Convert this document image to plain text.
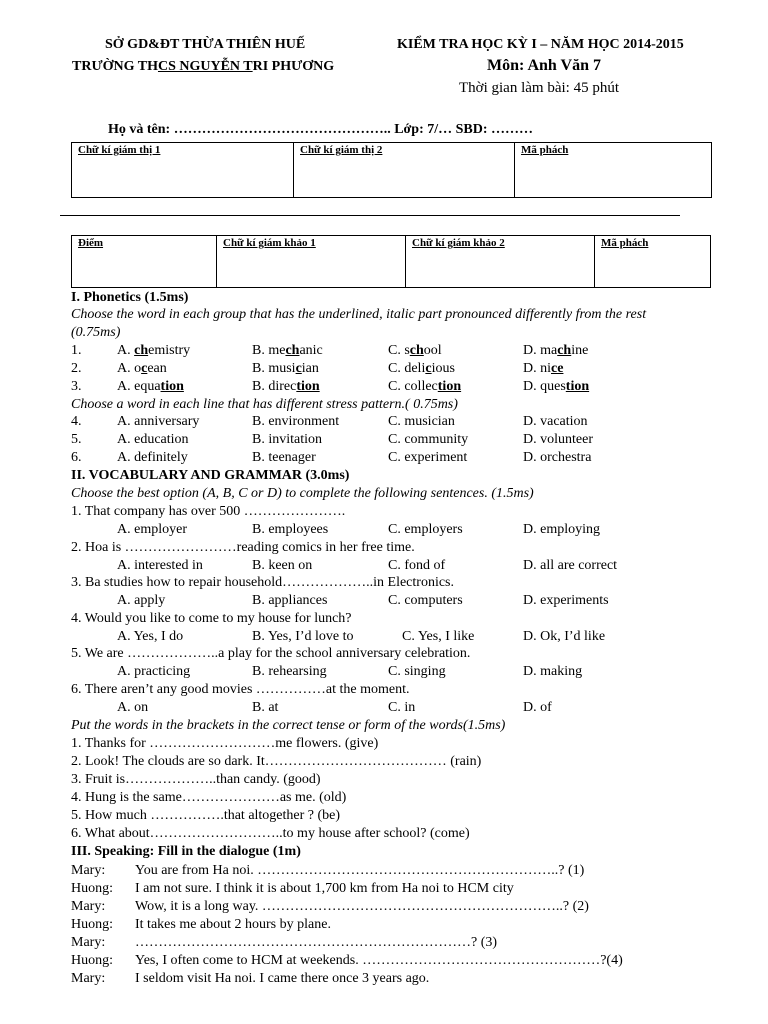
SỞ GD&ĐT THỪA THIÊN HUẾ
TRƯỜNG THCS NGUYỄN TRI PHƯƠNG
KIỂM TRA HỌC KỲ I – NĂM HỌC 2014-2015
Môn: Anh Văn 7
Thời gian làm bài: 45 phút
Họ và tên: ……………………………………….. Lớp: 7/… SBD: ………
Chữ kí giám thị 1	Chữ kí giám thị 2	Mã phách
Điểm	Chữ kí giám khảo 1	Chữ kí giám khảo 2	Mã phách
I. Phonetics (1.5ms)
Choose the word in each group that has the underlined, italic part pronounced differently from the rest
(0.75ms)
1.	A. chemistry	B. mechanic	C. school	D. machine
2.	A. ocean	B. musician	C. delicious	D. nice
3.	A. equation	B. direction	C. collection	D. question
Choose a word in each line that has different stress pattern.( 0.75ms)
4.	A. anniversary	B. environment	C. musician	D. vacation
5.	A. education	B. invitation	C. community	D. volunteer
6.	A. definitely	B. teenager	C. experiment	D. orchestra
II. VOCABULARY AND GRAMMAR (3.0ms)
Choose the best option (A, B, C or D) to complete the following sentences. (1.5ms)
1. That company has over 500 ………………….
A. employer	B. employees	C. employers	D. employing
2. Hoa is ……………………reading comics in her free time.
A. interested in	B. keen on	C. fond of	D. all are correct
3. Ba studies how to repair household………………..in Electronics.
A. apply	B. appliances	C. computers	D. experiments
4. Would you like to come to my house for lunch?
A. Yes, I do	B. Yes, I’d love to	C. Yes, I like	D. Ok, I’d like
5. We are ………………..a play for the school anniversary celebration.
A. practicing	B. rehearsing	C. singing	D. making
6. There aren’t any good movies ……………at the moment.
A. on	B. at	C. in	D. of
Put the words in the brackets in the correct tense or form of the words(1.5ms)
1. Thanks for ………………………me flowers. (give)
2. Look! The clouds are so dark. It………………………………… (rain)
3. Fruit is………………..than candy. (good)
4. Hung is the same…………………as me. (old)
5. How much …………….that altogether ? (be)
6. What about………………………..to my house after school? (come)
III. Speaking: Fill in the dialogue (1m)
Mary: You are from Ha noi. ………………………………………………………..? (1)
Huong: I am not sure. I think it is about 1,700 km from Ha noi to HCM city
Mary: Wow, it is a long way. ………………………………………………………..? (2)
Huong: It takes me about 2 hours by plane.
Mary: ………………………………………………………………? (3)
Huong: Yes, I often come to HCM at weekends. ……………………………………………?(4)
Mary: I seldom visit Ha noi. I came there once 3 years ago.
